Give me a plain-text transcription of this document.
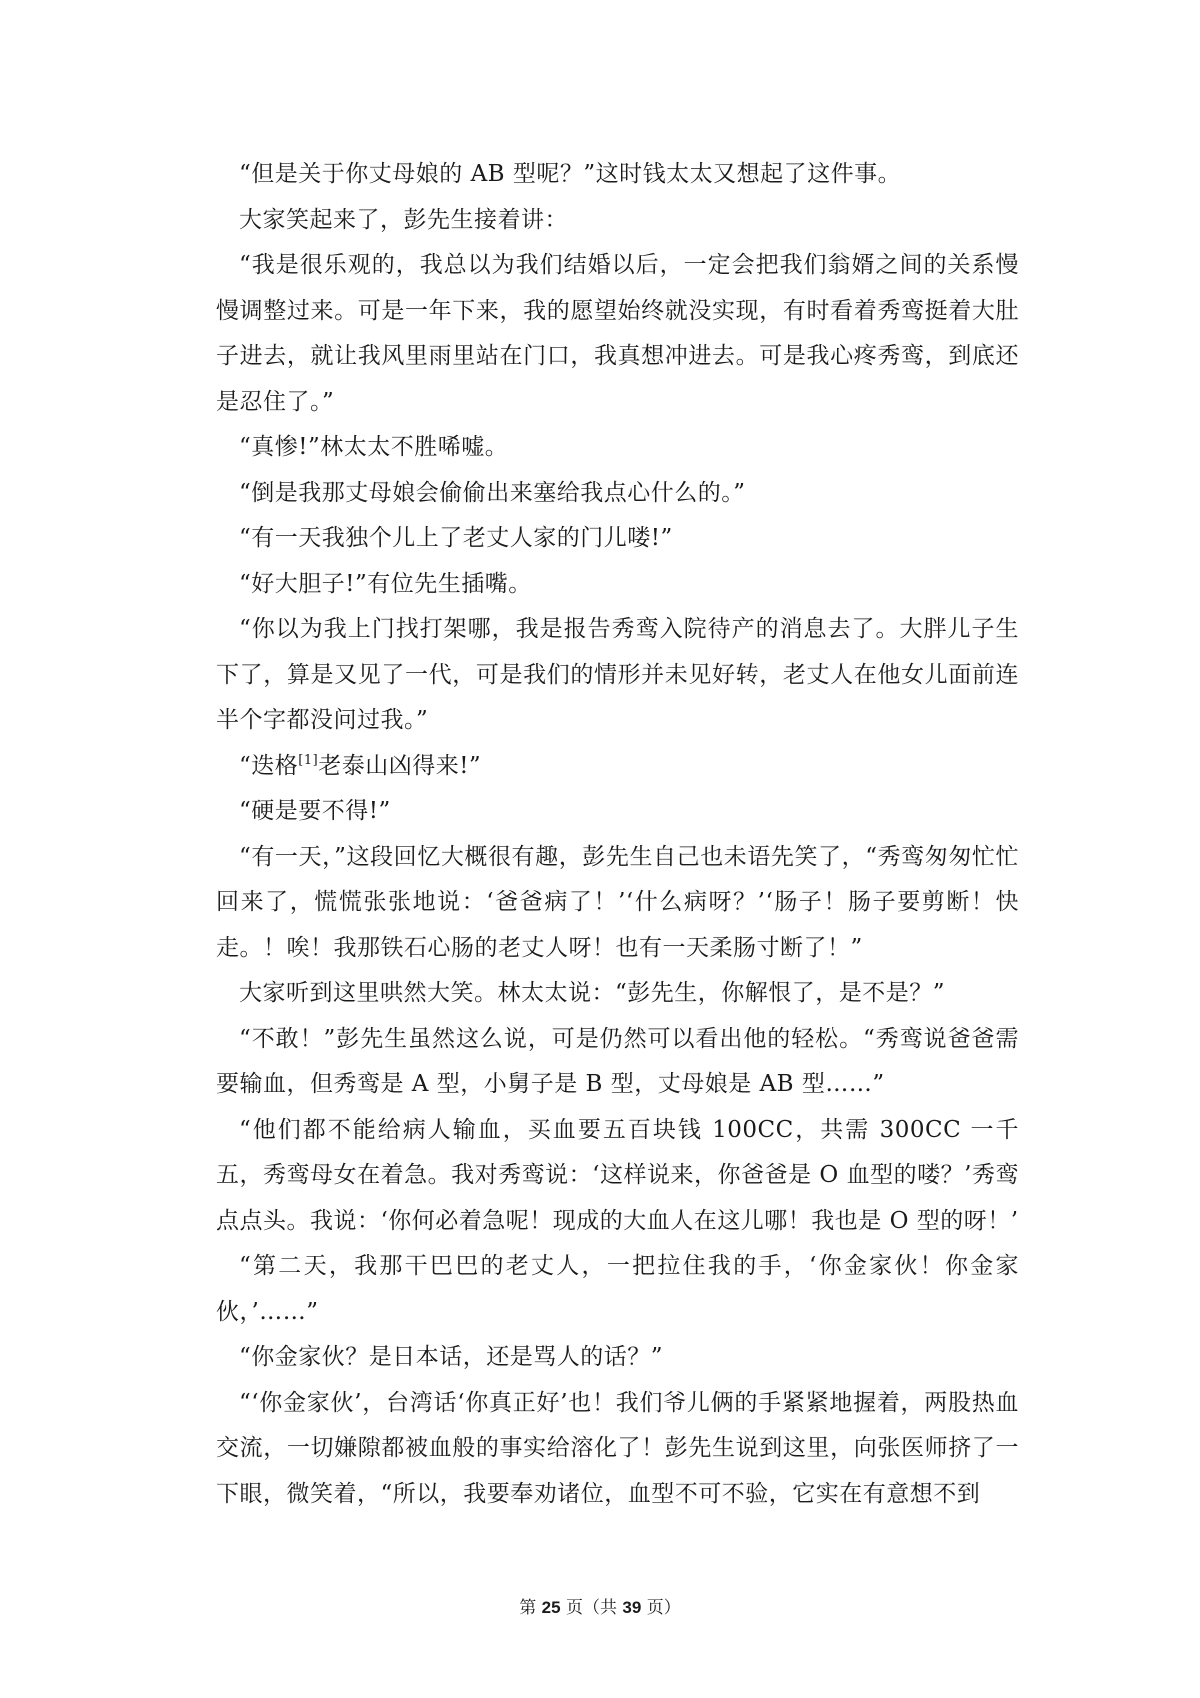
“但是关于你丈母娘的 AB 型呢？”这时钱太太又想起了这件事。

大家笑起来了，彭先生接着讲：

“我是很乐观的，我总以为我们结婚以后，一定会把我们翁婿之间的关系慢慢调整过来。可是一年下来，我的愿望始终就没实现，有时看着秀鸾挺着大肚子进去，就让我风里雨里站在门口，我真想冲进去。可是我心疼秀鸾，到底还是忍住了。”

“真惨!”林太太不胜唏嘘。

“倒是我那丈母娘会偷偷出来塞给我点心什么的。”

“有一天我独个儿上了老丈人家的门儿喽!”

“好大胆子!”有位先生插嘴。

“你以为我上门找打架哪，我是报告秀鸾入院待产的消息去了。大胖儿子生下了，算是又见了一代，可是我们的情形并未见好转，老丈人在他女儿面前连半个字都没问过我。”

“迭格[1]老泰山凶得来!”

“硬是要不得!”

“有一天，”这段回忆大概很有趣，彭先生自己也未语先笑了，“秀鸾匆匆忙忙回来了，慌慌张张地说：‘爸爸病了！’‘什么病呀？’‘肠子！肠子要剪断！快走。！唉！我那铁石心肠的老丈人呀！也有一天柔肠寸断了！”

大家听到这里哄然大笑。林太太说：“彭先生，你解恨了，是不是？”

“不敢！”彭先生虽然这么说，可是仍然可以看出他的轻松。“秀鸾说爸爸需要输血，但秀鸾是 A 型，小舅子是 B 型，丈母娘是 AB 型……”

“他们都不能给病人输血，买血要五百块钱 100CC，共需 300CC 一千五，秀鸾母女在着急。我对秀鸾说：‘这样说来，你爸爸是 O 血型的喽？’秀鸾点点头。我说：‘你何必着急呢！现成的大血人在这儿哪！我也是 O 型的呀！’

“第二天，我那干巴巴的老丈人，一把拉住我的手，‘你金家伙！你金家伙，’……”

“你金家伙？是日本话，还是骂人的话？”

“‘你金家伙’，台湾话‘你真正好’也！我们爷儿俩的手紧紧地握着，两股热血交流，一切嫌隙都被血般的事实给溶化了！彭先生说到这里，向张医师挤了一下眼，微笑着，“所以，我要奉劝诸位，血型不可不验，它实在有意想不到

第 25 页（共 39 页）
